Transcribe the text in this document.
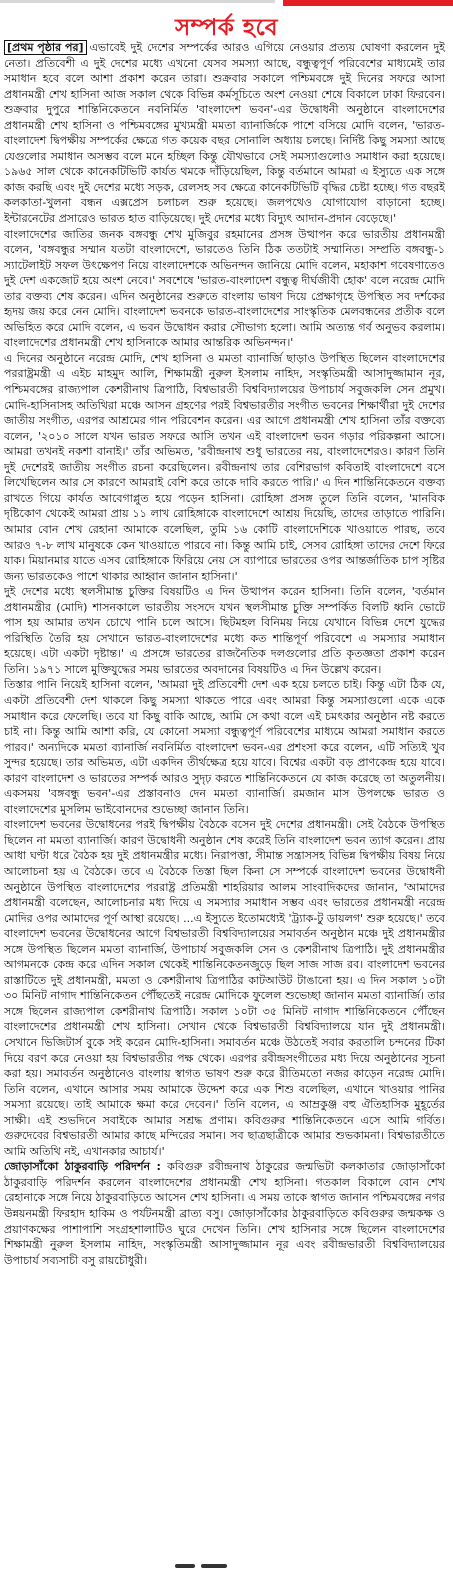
সম্পর্ক হবে

[প্রথম পৃষ্ঠার পর] এভাবেই দুই দেশের সম্পর্কের আরও এগিয়ে নেওয়ার প্রত্যয় ঘোষণা করলেন দুই নেতা। প্রতিবেশী এ দুই দেশের মধ্যে এখনো যেসব সমস্যা আছে, বন্ধুত্বপূর্ণ পরিবেশের মাধ্যমেই তার সমাধান হবে বলে আশা প্রকাশ করেন তারা। শুক্রবার সকালে পশ্চিমবঙ্গে দুই দিনের সফরে আসা প্রধানমন্ত্রী শেখ হাসিনা আজ সকাল থেকে বিভিন্ন কর্মসূচিতে অংশ নেওয়া শেষে বিকালে ঢাকা ফিরবেন। শুক্রবার দুপুরে শান্তিনিকেতনে নবনির্মিত 'বাংলাদেশ ভবন'-এর উদ্বোধনী অনুষ্ঠানে বাংলাদেশের প্রধানমন্ত্রী শেখ হাসিনা ও পশ্চিমবঙ্গের মুখ্যমন্ত্রী মমতা ব্যানার্জিকে পাশে বসিয়ে মোদি বলেন, 'ভারত-বাংলাদেশ দ্বিপক্ষীয় সম্পর্কের ক্ষেত্রে গত কয়েক বছর সোনালি অধ্যায় চলছে। নির্দিষ্ট কিছু সমস্যা আছে যেগুলোর সমাধান অসম্ভব বলে মনে হচ্ছিল কিন্তু যৌথভাবে সেই সমস্যাগুলোও সমাধান করা হয়েছে। ১৯৬৫ সাল থেকে কানেকটিভিটি কার্যত থমকে দাঁড়িয়েছিল, কিন্তু বর্তমানে আমরা এ ইস্যুতে এক সঙ্গে কাজ করছি এবং দুই দেশের মধ্যে সড়ক, রেলসহ সব ক্ষেত্রে কানেকটিভিটি বৃদ্ধির চেষ্টা হচ্ছে। গত বছরই কলকাতা-খুলনা বন্ধন এক্সপ্রেস চলাচল শুরু হয়েছে। জলপথেও যোগাযোগ বাড়ানো হচ্ছে। ইন্টারনেটের প্রসারেও ভারত হাত বাড়িয়েছে। দুই দেশের মধ্যে বিদ্যুৎ আদান-প্রদান বেড়েছে।'

বাংলাদেশের জাতির জনক বঙ্গবন্ধু শেখ মুজিবুর রহমানের প্রসঙ্গ উত্থাপন করে ভারতীয় প্রধানমন্ত্রী বলেন, 'বঙ্গবন্ধুর সম্মান যতটা বাংলাদেশে, ভারতেও তিনি ঠিক ততটাই সম্মানিত। সম্প্রতি বঙ্গবন্ধু-১ স্যাটেলাইট সফল উৎক্ষেপণ নিয়ে বাংলাদেশকে অভিনন্দন জানিয়ে মোদি বলেন, মহাকাশ গবেষণাতেও দুই দেশ একজোট হয়ে অংশ নেবে।' সবশেষে 'ভারত-বাংলাদেশ বন্ধুত্ব দীর্ঘজীবী হোক' বলে নরেন্দ্র মোদি তার বক্তব্য শেষ করেন। এদিন অনুষ্ঠানের শুরুতে বাংলায় ভাষণ দিয়ে প্রেক্ষাগৃহে উপস্থিত সব দর্শকের হৃদয় জয় করে নেন মোদি। বাংলাদেশ ভবনকে ভারত-বাংলাদেশের সাংস্কৃতিক মেলবন্ধনের প্রতীক বলে অভিহিত করে মোদি বলেন, এ ভবন উদ্বোধন করার সৌভাগ্য হলো। আমি অত্যন্ত গর্ব অনুভব করলাম। বাংলাদেশের প্রধানমন্ত্রী শেখ হাসিনাকে আমার আন্তরিক অভিনন্দন।'

এ দিনের অনুষ্ঠানে নরেন্দ্র মোদি, শেখ হাসিনা ও মমতা ব্যানার্জি ছাড়াও উপস্থিত ছিলেন বাংলাদেশের পররাষ্ট্রমন্ত্রী এ এইচ মাহমুদ আলি, শিক্ষামন্ত্রী নুরুল ইসলাম নাহিদ, সংস্কৃতিমন্ত্রী আসাদুজ্জামান নূর, পশ্চিমবঙ্গের রাজ্যপাল কেশরীনাথ ত্রিপাঠি, বিশ্বভারতী বিশ্ববিদ্যালয়ের উপাচার্য সবুজকলি সেন প্রমুখ। মোদি-হাসিনাসহ অতিথিরা মঞ্চে আসন গ্রহণের পরই বিশ্বভারতীর সংগীত ভবনের শিক্ষার্থীরা দুই দেশের জাতীয় সংগীত, এরপর আশ্রমের গান পরিবেশন করেন। এর আগে প্রধানমন্ত্রী শেখ হাসিনা তাঁর বক্তব্যে বলেন, '২০১০ সালে যখন ভারত সফরে আসি তখন এই বাংলাদেশ ভবন গড়ার পরিকল্পনা আসে। আমরা তখনই নকশা বানাই।' তাঁর অভিমত, 'রবীন্দ্রনাথ শুধু ভারতের নয়, বাংলাদেশেরও। কারণ তিনি দুই দেশেরই জাতীয় সংগীত রচনা করেছিলেন। রবীন্দ্রনাথ তার বেশিরভাগ কবিতাই বাংলাদেশে বসে লিখেছিলেন আর সে কারণে আমরাই বেশি করে তাকে দাবি করতে পারি।' এ দিন শান্তিনিকেতনে বক্তব্য রাখতে গিয়ে কার্যত আবেগাপ্লুত হয়ে পড়েন হাসিনা। রোহিঙ্গা প্রসঙ্গ তুলে তিনি বলেন, 'মানবিক দৃষ্টিকোণ থেকেই আমরা প্রায় ১১ লাখ রোহিঙ্গাকে বাংলাদেশে আশ্রয় দিয়েছি, তাদের তাড়াতে পারিনি। আমার বোন শেখ রেহানা আমাকে বলেছিল, তুমি ১৬ কোটি বাংলাদেশিকে খাওয়াতে পারছ, তবে আরও ৭-৮ লাখ মানুষকে কেন খাওয়াতে পারবে না। কিন্তু আমি চাই, সেসব রোহিঙ্গা তাদের দেশে ফিরে যাক। মিয়ানমার যাতে এসব রোহিঙ্গাকে ফিরিয়ে নেয় সে ব্যাপারে ভারতের ওপর আন্তর্জাতিক চাপ সৃষ্টির জন্য ভারতকেও পাশে থাকার আহ্বান জানান হাসিনা।'

দুই দেশের মধ্যে স্থলসীমান্ত চুক্তির বিষয়টিও এ দিন উত্থাপন করেন হাসিনা। তিনি বলেন, 'বর্তমান প্রধানমন্ত্রীর (মোদি) শাসনকালে ভারতীয় সংসদে যখন স্থলসীমান্ত চুক্তি সম্পর্কিত বিলটি ধ্বনি ভোটে পাস হয় আমার তখন চোখে পানি চলে আসে। ছিটমহল বিনিময় নিয়ে যেখানে বিভিন্ন দেশে যুদ্ধের পরিস্থিতি তৈরি হয় সেখানে ভারত-বাংলাদেশের মধ্যে কত শান্তিপূর্ণ পরিবেশে এ সমস্যার সমাধান হয়েছে। এটা একটা দৃষ্টান্ত।' এ প্রসঙ্গে ভারতের রাজনৈতিক দলগুলোর প্রতি কৃতজ্ঞতা প্রকাশ করেন তিনি। ১৯৭১ সালে মুক্তিযুদ্ধের সময় ভারতের অবদানের বিষয়টিও এ দিন উল্লেখ করেন।

তিস্তার পানি নিয়েই হাসিনা বলেন, 'আমরা দুই প্রতিবেশী দেশ এক হয়ে চলতে চাই। কিন্তু এটা ঠিক যে, একটা প্রতিবেশী দেশ থাকলে কিছু সমস্যা থাকতে পারে এবং আমরা কিন্তু সমস্যাগুলো একে একে সমাধান করে ফেলেছি। তবে যা কিছু বাকি আছে, আমি সে কথা বলে এই চমৎকার অনুষ্ঠান নষ্ট করতে চাই না। কিন্তু আমি আশা করি, যে কোনো সমস্যা বন্ধুত্বপূর্ণ পরিবেশের মাধ্যমে আমরা সমাধান করতে পারব।' অন্যদিকে মমতা ব্যানার্জি নবনির্মিত বাংলাদেশ ভবন-এর প্রশংসা করে বলেন, এটি সত্যিই খুব সুন্দর হয়েছে। তার অভিমত, এটা একদিন তীর্থক্ষেত্র হয়ে যাবে। বিশ্বের একটা বড় প্রাণকেন্দ্র হয়ে যাবে। কারণ বাংলাদেশ ও ভারতের সম্পর্ক আরও সুদৃঢ় করতে শান্তিনিকেতনে যে কাজ করেছে তা অতুলনীয়। একসময় 'বঙ্গবন্ধু ভবন'-এর প্রস্তাবনাও দেন মমতা ব্যানার্জি। রমজান মাস উপলক্ষে ভারত ও বাংলাদেশের মুসলিম ভাইবোনদের শুভেচ্ছা জানান তিনি।

বাংলাদেশ ভবনের উদ্বোধনের পরই দ্বিপক্ষীয় বৈঠকে বসেন দুই দেশের প্রধানমন্ত্রী। সেই বৈঠকে উপস্থিত ছিলেন না মমতা ব্যানার্জি। কারণ উদ্বোধনী অনুষ্ঠান শেষ করেই তিনি বাংলাদেশ ভবন ত্যাগ করেন। প্রায় আধা ঘণ্টা ধরে বৈঠক হয় দুই প্রধানমন্ত্রীর মধ্যে। নিরাপত্তা, সীমান্ত সন্ত্রাসসহ বিভিন্ন দ্বিপক্ষীয় বিষয় নিয়ে আলোচনা হয় এ বৈঠকে। তবে এ বৈঠকে তিস্তা ছিল কিনা সে সম্পর্কে বাংলাদেশ ভবনের উদ্বোধনী অনুষ্ঠানে উপস্থিত বাংলাদেশের পররাষ্ট্র প্রতিমন্ত্রী শাহরিয়ার আলম সাংবাদিকদের জানান, 'আমাদের প্রধানমন্ত্রী বলেছেন, আলোচনার মধ্য দিয়ে এ সমস্যার সমাধান সম্ভব এবং ভারতের প্রধানমন্ত্রী নরেন্দ্র মোদির ওপর আমাদের পূর্ণ আস্থা রয়েছে। ...এ ইস্যুতে ইতোমধ্যেই 'ট্র্যাক-টু ডায়লগ' শুরু হয়েছে।' তবে বাংলাদেশ ভবনের উদ্বোধনের আগে বিশ্বভারতী বিশ্ববিদ্যালয়ের সমাবর্তন অনুষ্ঠান মঞ্চে দুই প্রধানমন্ত্রীর সঙ্গে উপস্থিত ছিলেন মমতা ব্যানার্জি, উপাচার্য সবুজকলি সেন ও কেশরীনাথ ত্রিপাঠি। দুই প্রধানমন্ত্রীর আগমনকে কেন্দ্র করে এদিন সকাল থেকেই শান্তিনিকেতনজুড়ে ছিল সাজ সাজ রব। বাংলাদেশ ভবনের রাস্তাটিতে দুই প্রধানমন্ত্রী, মমতা ও কেশরীনাথ ত্রিপাঠির কাটআউট টাঙানো হয়। এ দিন সকাল ১০টা ৩০ মিনিট নাগাদ শান্তিনিকেতন পৌঁছতেই নরেন্দ্র মোদিকে ফুলেল শুভেচ্ছা জানান মমতা ব্যানার্জি। তার সঙ্গে ছিলেন রাজ্যপাল কেশরীনাথ ত্রিপাঠি। সকাল ১০টা ৩৫ মিনিট নাগাদ শান্তিনিকেতনে পৌঁছেন বাংলাদেশের প্রধানমন্ত্রী শেখ হাসিনা। সেখান থেকে বিশ্বভারতী বিশ্ববিদ্যালয়ে যান দুই প্রধানমন্ত্রী। সেখানে ভিজিটার্স বুকে সই করেন মোদি-হাসিনা। সমাবর্তন মঞ্চে উঠতেই সবার করতালি চন্দনের টিকা দিয়ে বরণ করে নেওয়া হয় বিশ্বভারতীর পক্ষ থেকে। এরপর রবীন্দ্রসংগীতের মধ্য দিয়ে অনুষ্ঠানের সূচনা করা হয়। সমাবর্তন অনুষ্ঠানেও বাংলায় স্বাগত ভাষণ শুরু করে রীতিমতো নজর কাড়েন নরেন্দ্র মোদি। তিনি বলেন, এখানে আসার সময় আমাকে উদ্দেশ করে এক শিশু বলেছিল, এখানে খাওয়ার পানির সমস্যা রয়েছে। তাই আমাকে ক্ষমা করে দেবেন।' তিনি বলেন, এ আম্রকুঞ্জ বহু ঐতিহাসিক মুহূর্তের সাক্ষী। এই শুভদিনে সবাইকে আমার সশ্রদ্ধ প্রণাম। কবিগুরুর শান্তিনিকেতনে এসে আমি গর্বিত। গুরুদেবের বিশ্বভারতী আমার কাছে মন্দিরের সমান। সব ছাত্রছাত্রীকে আমার শুভকামনা। বিশ্বভারতীতে আমি অতিথি নই, এখানকার আচার্য।'

জোড়াসাঁকো ঠাকুরবাড়ি পরিদর্শন : কবিগুরু রবীন্দ্রনাথ ঠাকুরের জন্মভিটা কলকাতার জোড়াসাঁকো ঠাকুরবাড়ি পরিদর্শন করলেন বাংলাদেশের প্রধানমন্ত্রী শেখ হাসিনা। গতকাল বিকালে বোন শেখ রেহানাকে সঙ্গে নিয়ে ঠাকুরবাড়িতে আসেন শেখ হাসিনা। এ সময় তাকে স্বাগত জানান পশ্চিমবঙ্গের নগর উন্নয়নমন্ত্রী ফিরহাদ হাকিম ও পর্যটনমন্ত্রী ব্রাত্য বসু। জোড়াসাঁকোর ঠাকুরবাড়িতে কবিগুরুর জন্মকক্ষ ও প্রয়াণকক্ষের পাশাপাশি সংগ্রহশালাটিও ঘুরে দেখেন তিনি। শেখ হাসিনার সঙ্গে ছিলেন বাংলাদেশের শিক্ষামন্ত্রী নুরুল ইসলাম নাহিদ, সংস্কৃতিমন্ত্রী আসাদুজ্জামান নূর এবং রবীন্দ্রভারতী বিশ্ববিদ্যালয়ের উপাচার্য সব্যসাচী বসু রায়চৌধুরী।
